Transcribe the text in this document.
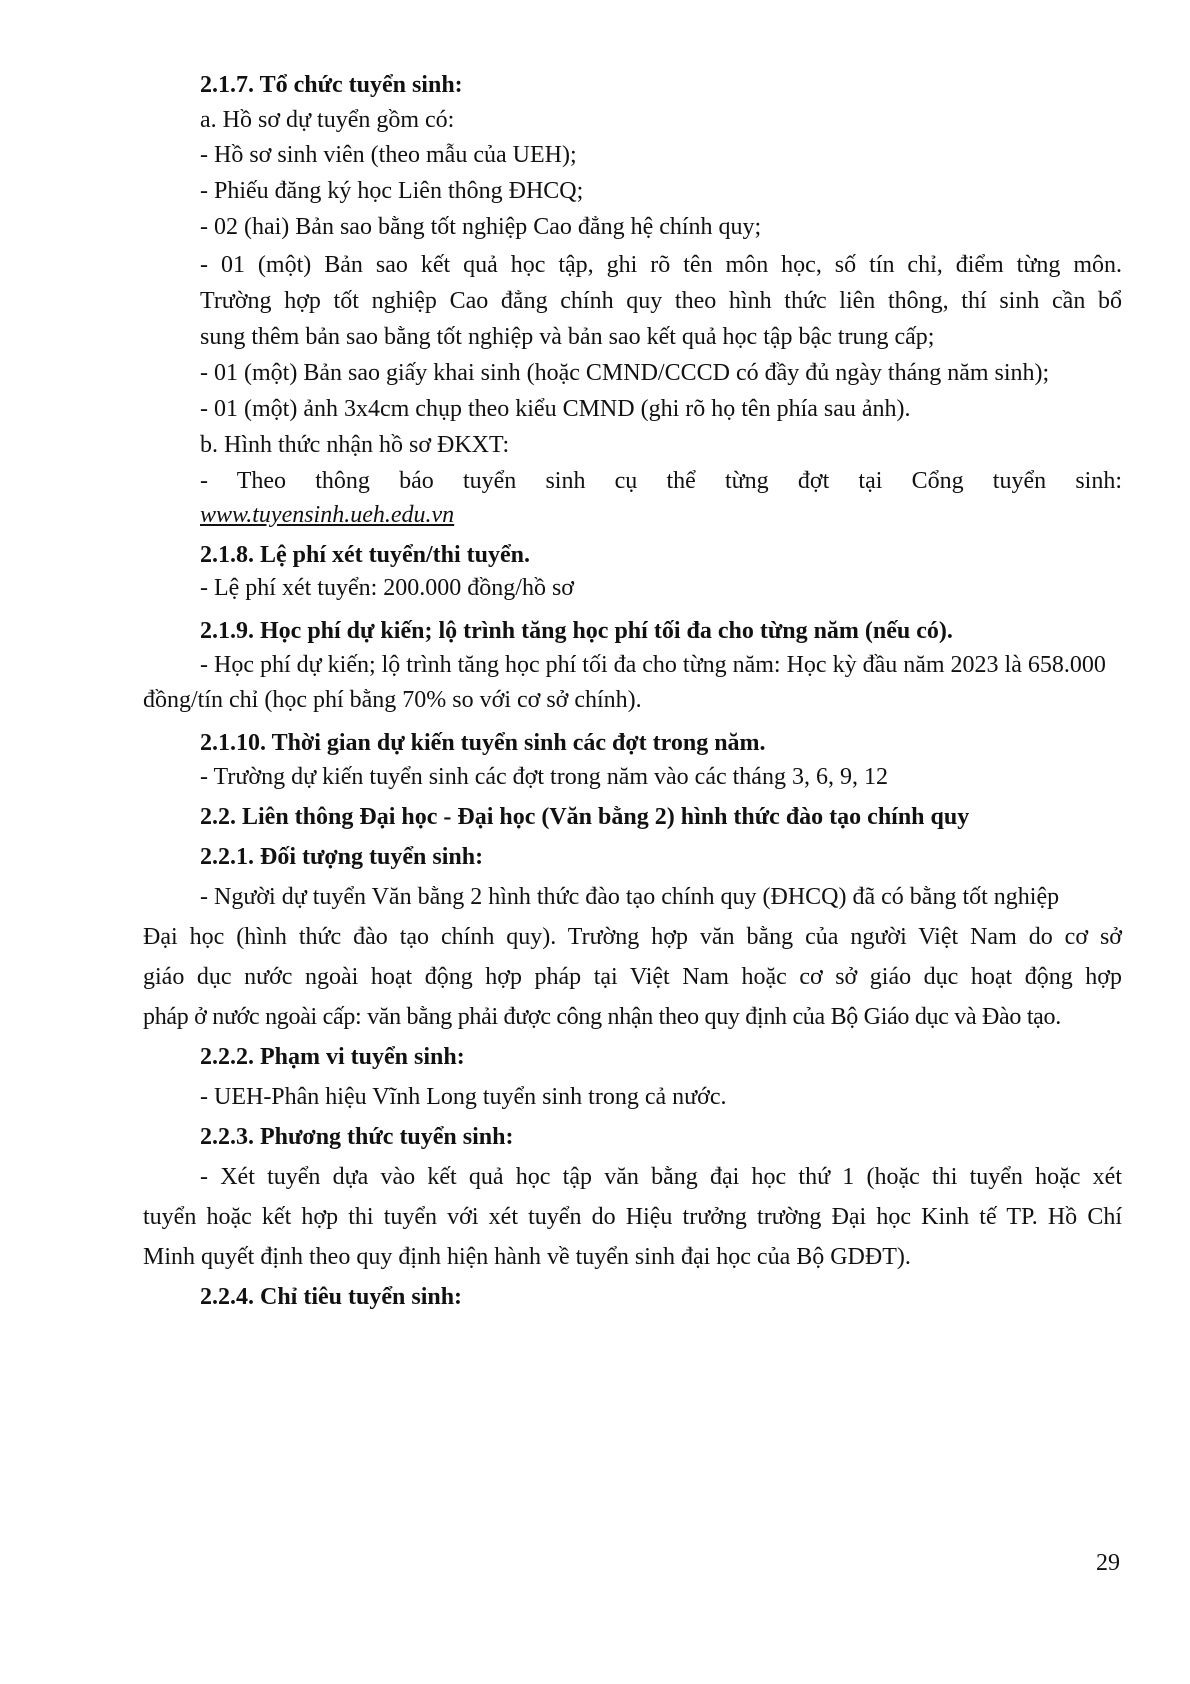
2.1.7. Tổ chức tuyển sinh:
a. Hồ sơ dự tuyển gồm có:
- Hồ sơ sinh viên (theo mẫu của UEH);
- Phiếu đăng ký học Liên thông ĐHCQ;
- 02 (hai) Bản sao bằng tốt nghiệp Cao đẳng hệ chính quy;
- 01 (một) Bản sao kết quả học tập, ghi rõ tên môn học, số tín chỉ, điểm từng môn.
Trường hợp tốt nghiệp Cao đẳng chính quy theo hình thức liên thông, thí sinh cần bổ
sung thêm bản sao bằng tốt nghiệp và bản sao kết quả học tập bậc trung cấp;
- 01 (một) Bản sao giấy khai sinh (hoặc CMND/CCCD có đầy đủ ngày tháng năm sinh);
- 01 (một) ảnh 3x4cm chụp theo kiểu CMND (ghi rõ họ tên phía sau ảnh).
b. Hình thức nhận hồ sơ ĐKXT:
- Theo thông báo tuyển sinh cụ thể từng đợt tại Cổng tuyển sinh:
www.tuyensinh.ueh.edu.vn
2.1.8. Lệ phí xét tuyển/thi tuyển.
- Lệ phí xét tuyển: 200.000 đồng/hồ sơ
2.1.9. Học phí dự kiến; lộ trình tăng học phí tối đa cho từng năm (nếu có).
- Học phí dự kiến; lộ trình tăng học phí tối đa cho từng năm: Học kỳ đầu năm 2023 là 658.000
đồng/tín chỉ (học phí bằng 70% so với cơ sở chính).
2.1.10. Thời gian dự kiến tuyển sinh các đợt trong năm.
- Trường dự kiến tuyển sinh các đợt trong năm vào các tháng 3, 6, 9, 12
2.2. Liên thông Đại học - Đại học (Văn bằng 2) hình thức đào tạo chính quy
2.2.1. Đối tượng tuyển sinh:
- Người dự tuyển Văn bằng 2 hình thức đào tạo chính quy (ĐHCQ) đã có bằng tốt nghiệp
Đại học (hình thức đào tạo chính quy). Trường hợp văn bằng của người Việt Nam do cơ sở
giáo dục nước ngoài hoạt động hợp pháp tại Việt Nam hoặc cơ sở giáo dục hoạt động hợp
pháp ở nước ngoài cấp: văn bằng phải được công nhận theo quy định của Bộ Giáo dục và Đào tạo.
2.2.2. Phạm vi tuyển sinh:
- UEH-Phân hiệu Vĩnh Long tuyển sinh trong cả nước.
2.2.3. Phương thức tuyển sinh:
- Xét tuyển dựa vào kết quả học tập văn bằng đại học thứ 1 (hoặc thi tuyển hoặc xét
tuyển hoặc kết hợp thi tuyển với xét tuyển do Hiệu trưởng trường Đại học Kinh tế TP. Hồ Chí
Minh quyết định theo quy định hiện hành về tuyển sinh đại học của Bộ GDĐT).
2.2.4. Chỉ tiêu tuyển sinh:
29
